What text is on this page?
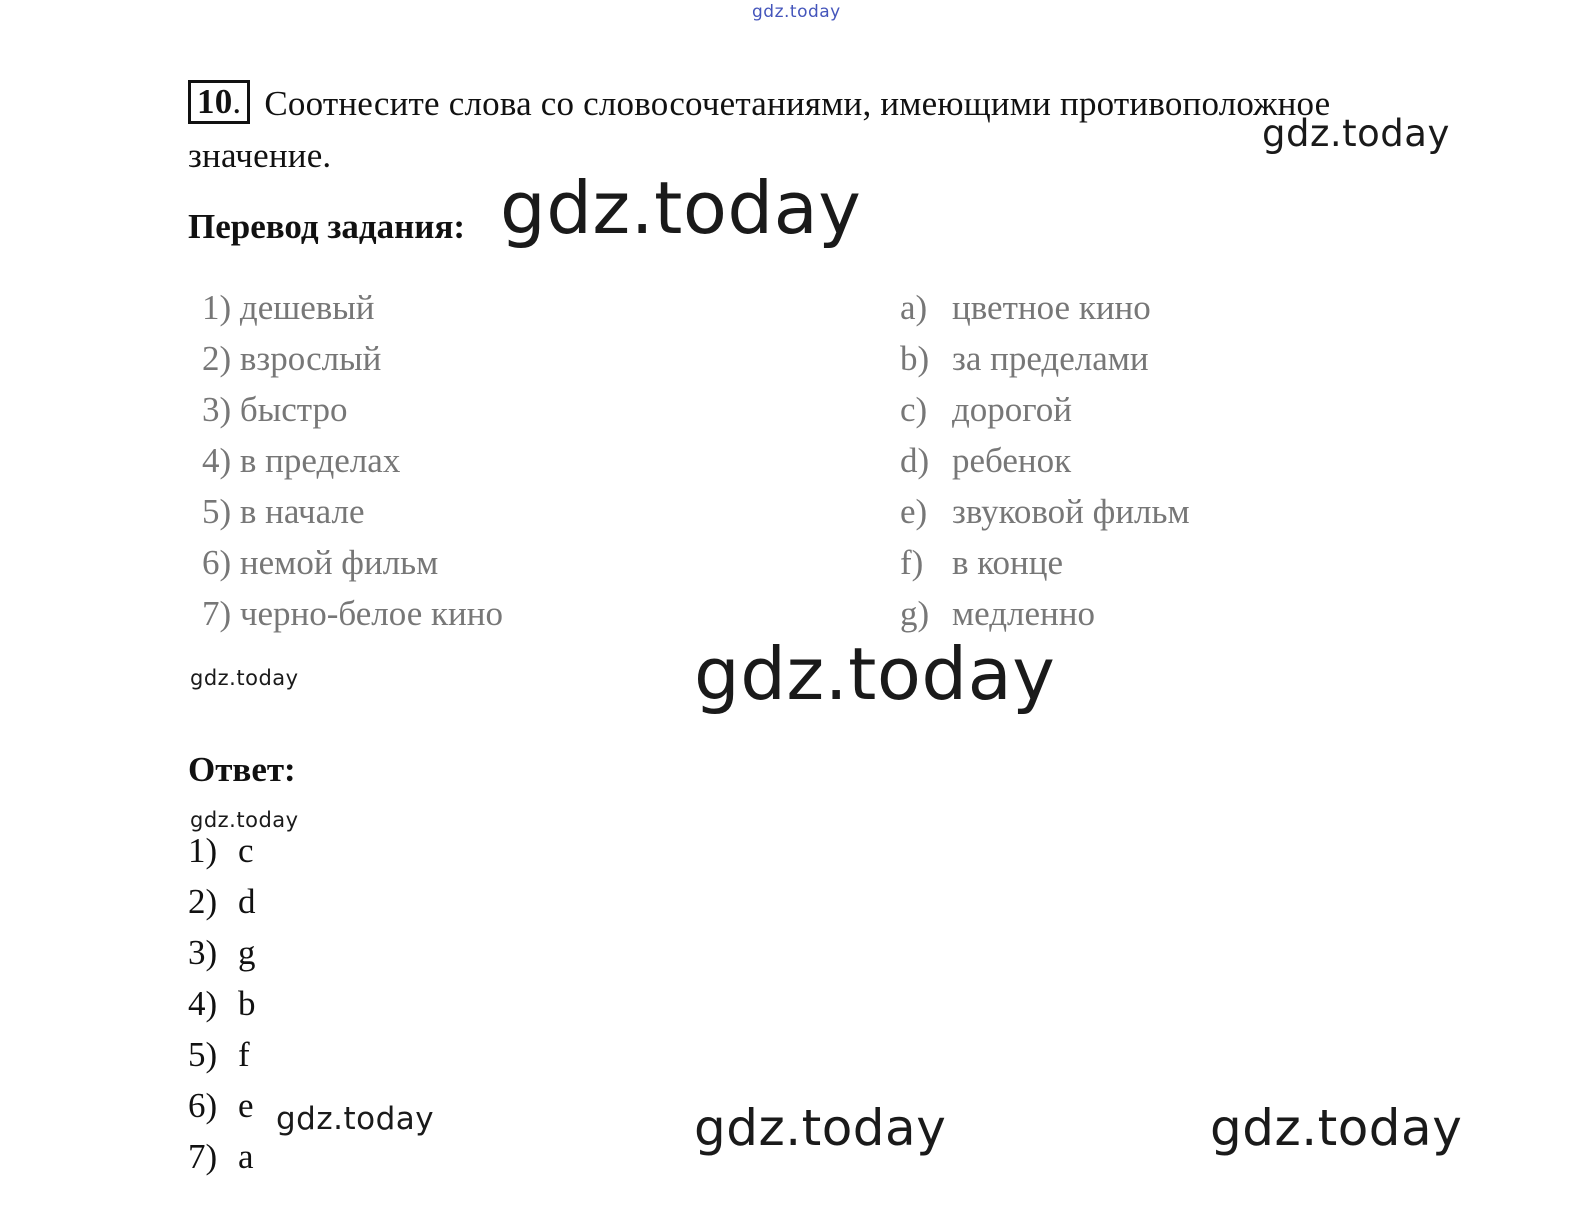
gdz.today
gdz.today
gdz.today
gdz.today
gdz.today
gdz.today
gdz.today	gdz.today	gdz.today
10. Соотнесите слова со словосочетаниями, имеющими противоположное значение.
Перевод задания:
1) дешевый
2) взрослый
3) быстро
4) в пределах
5) в начале
6) немой фильм
7) черно-белое кино
a) цветное кино
b) за пределами
c) дорогой
d) ребенок
e) звуковой фильм
f) в конце
g) медленно
Ответ:
1) c
2) d
3) g
4) b
5) f
6) e
7) a
